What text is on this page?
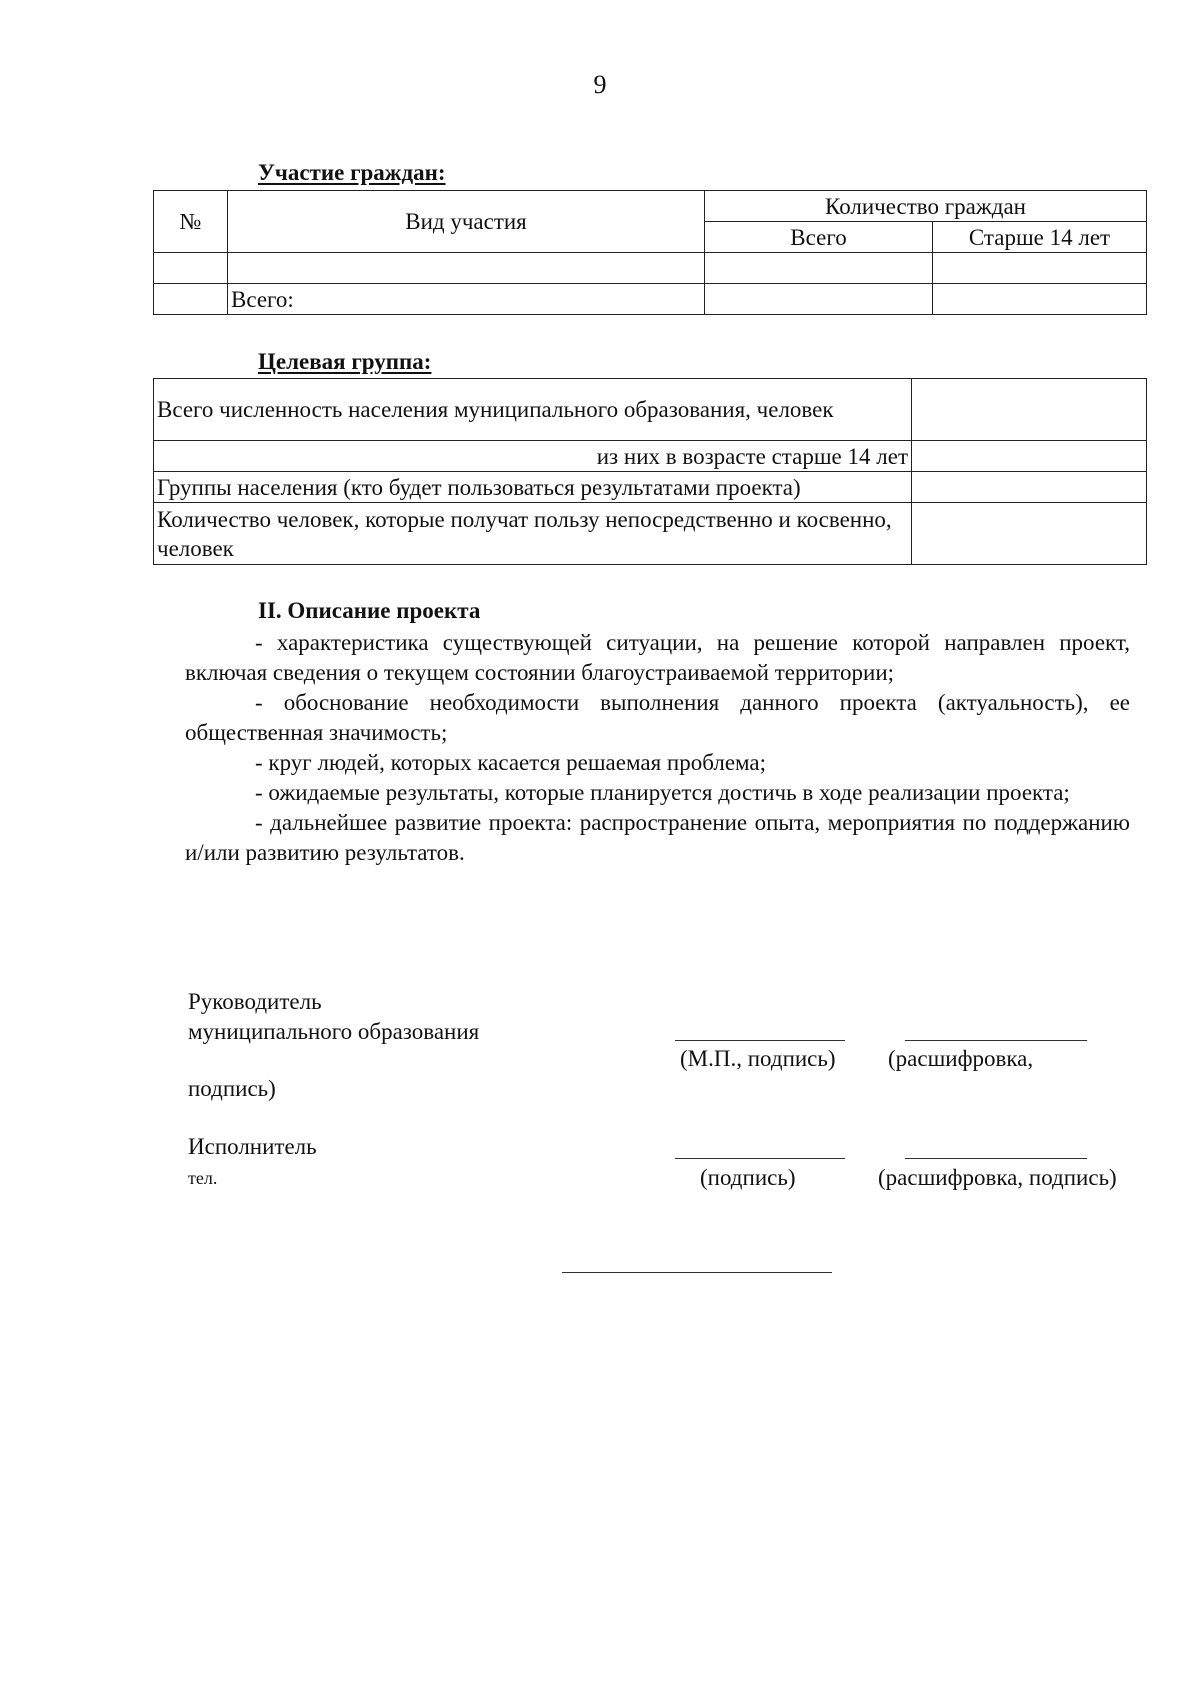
9
Участие граждан:
№	Вид участия	Количество граждан	
		Всего	Старше 14 лет

	Всего:		
Целевая группа:
Всего численность населения муниципального образования, человек	
из них в возрасте старше 14 лет	
Группы населения (кто будет пользоваться результатами проекта)	
Количество человек, которые получат пользу непосредственно и косвенно, человек	
II. Описание проекта

- характеристика существующей ситуации, на решение которой направлен проект, включая сведения о текущем состоянии благоустраиваемой территории;

- обоснование необходимости выполнения данного проекта (актуальность), ее общественная значимость;

- круг людей, которых касается решаемая проблема;

- ожидаемые результаты, которые планируется достичь в ходе реализации проекта;

- дальнейшее развитие проекта: распространение опыта, мероприятия по поддержанию и/или развитию результатов.

Руководитель
муниципального образования
(М.П., подпись) (расшифровка,
подпись)
Исполнитель
тел.	(подпись)	(расшифровка, подпись)
